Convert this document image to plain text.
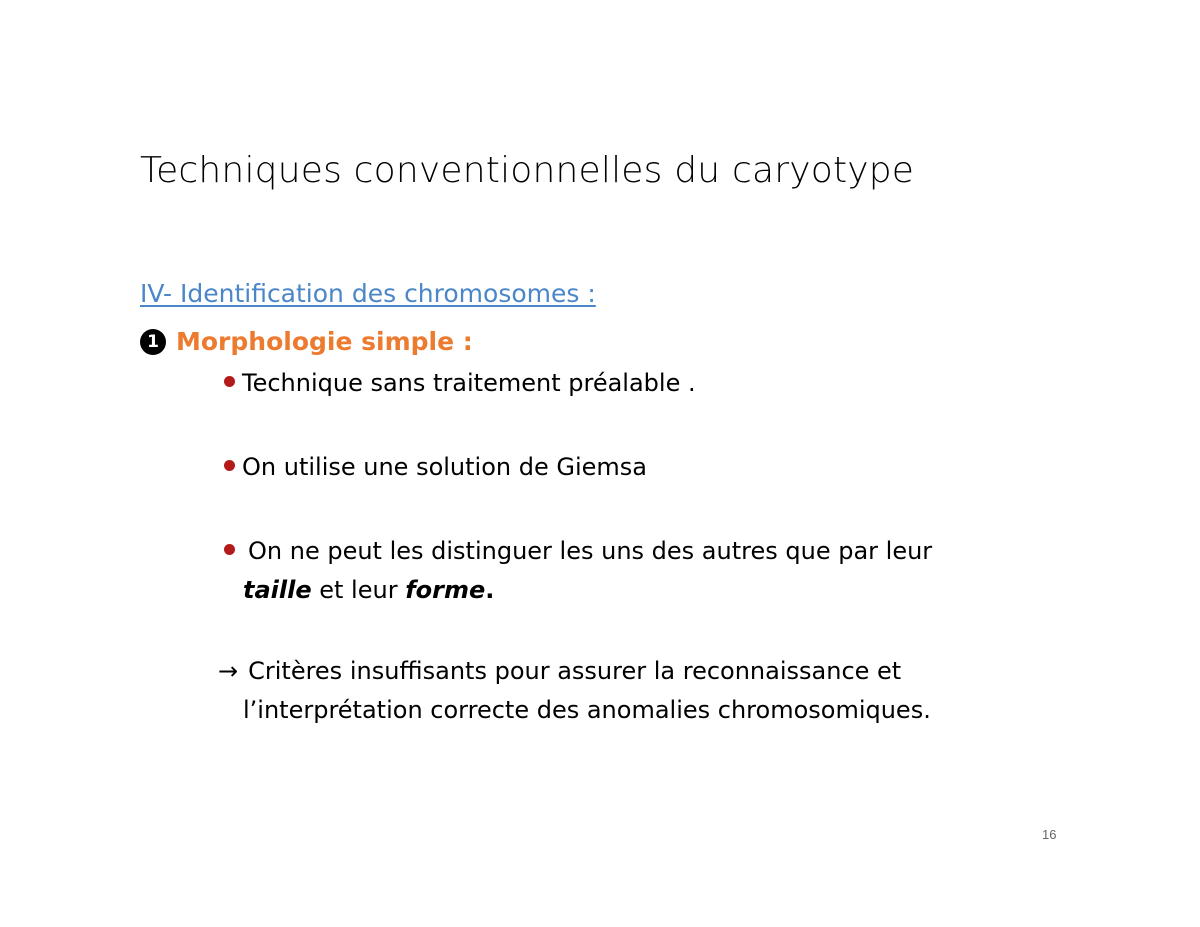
Techniques conventionnelles du caryotype
IV- Identification des chromosomes :
1 Morphologie simple :
Technique sans traitement préalable .
On utilise une solution de Giemsa
On ne peut les distinguer les uns des autres que par leur
taille et leur forme.
→ Critères insuffisants pour assurer la reconnaissance et
l’interprétation correcte des anomalies chromosomiques.
16
